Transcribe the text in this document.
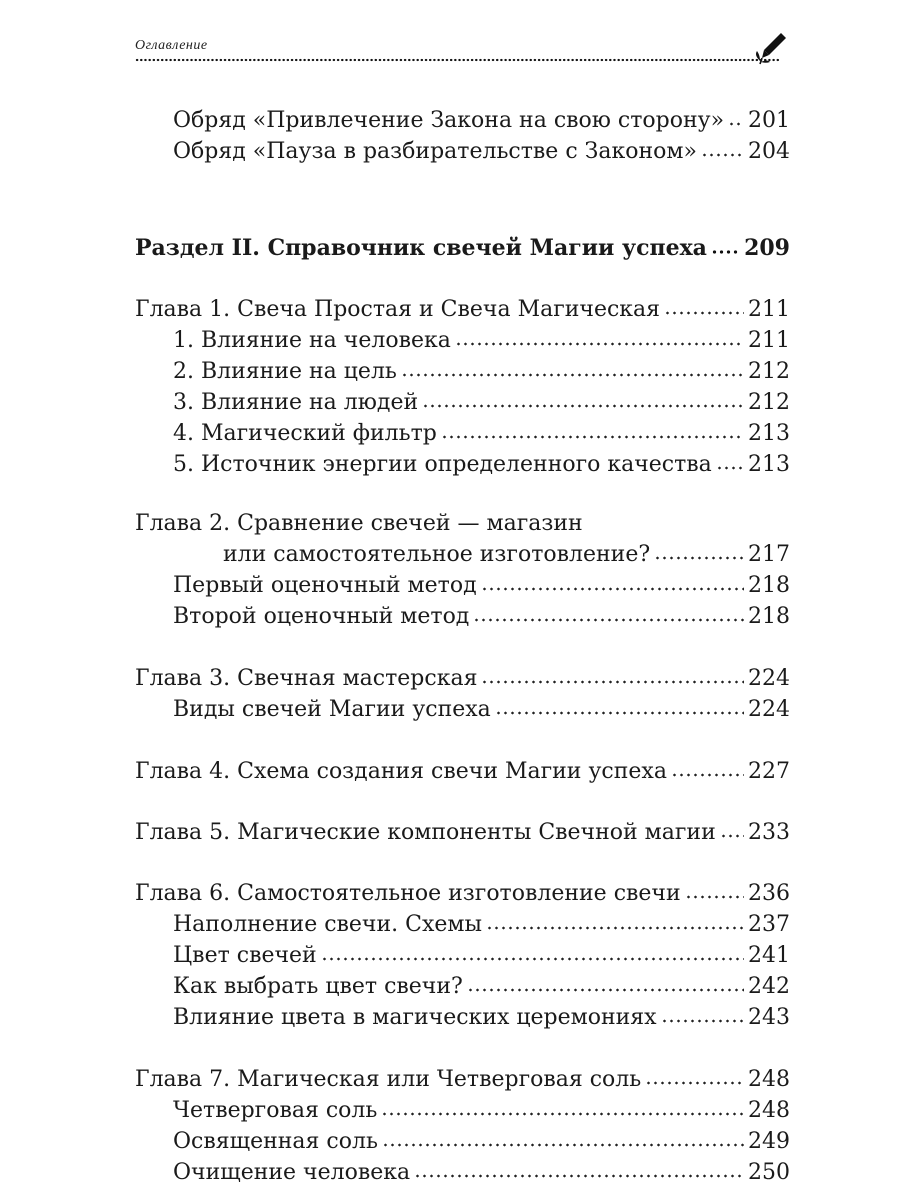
Оглавление
Обряд «Привлечение Закона на свою сторону» 201
Обряд «Пауза в разбирательстве с Законом» 204
Раздел II. Справочник свечей Магии успеха 209
Глава 1. Свеча Простая и Свеча Магическая	211
1. Влияние на человека	211
2. Влияние на цель	212
3. Влияние на людей	212
4. Магический фильтр	213
5. Источник энергии определенного качества 213
Глава 2. Сравнение свечей — магазин
или самостоятельное изготовление?	217
Первый оценочный метод	218
Второй оценочный метод	218
Глава 3. Свечная мастерская	224
Виды свечей Магии успеха	224
Глава 4. Схема создания свечи Магии успеха	227
Глава 5. Магические компоненты Свечной магии 233
Глава 6. Самостоятельное изготовление свечи	236
Наполнение свечи. Схемы	237
Цвет свечей	241
Как выбрать цвет свечи?	242
Влияние цвета в магических церемониях	243
Глава 7. Магическая или Четверговая соль	248
Четверговая соль	248
Освященная соль	249
Очищение человека	250
